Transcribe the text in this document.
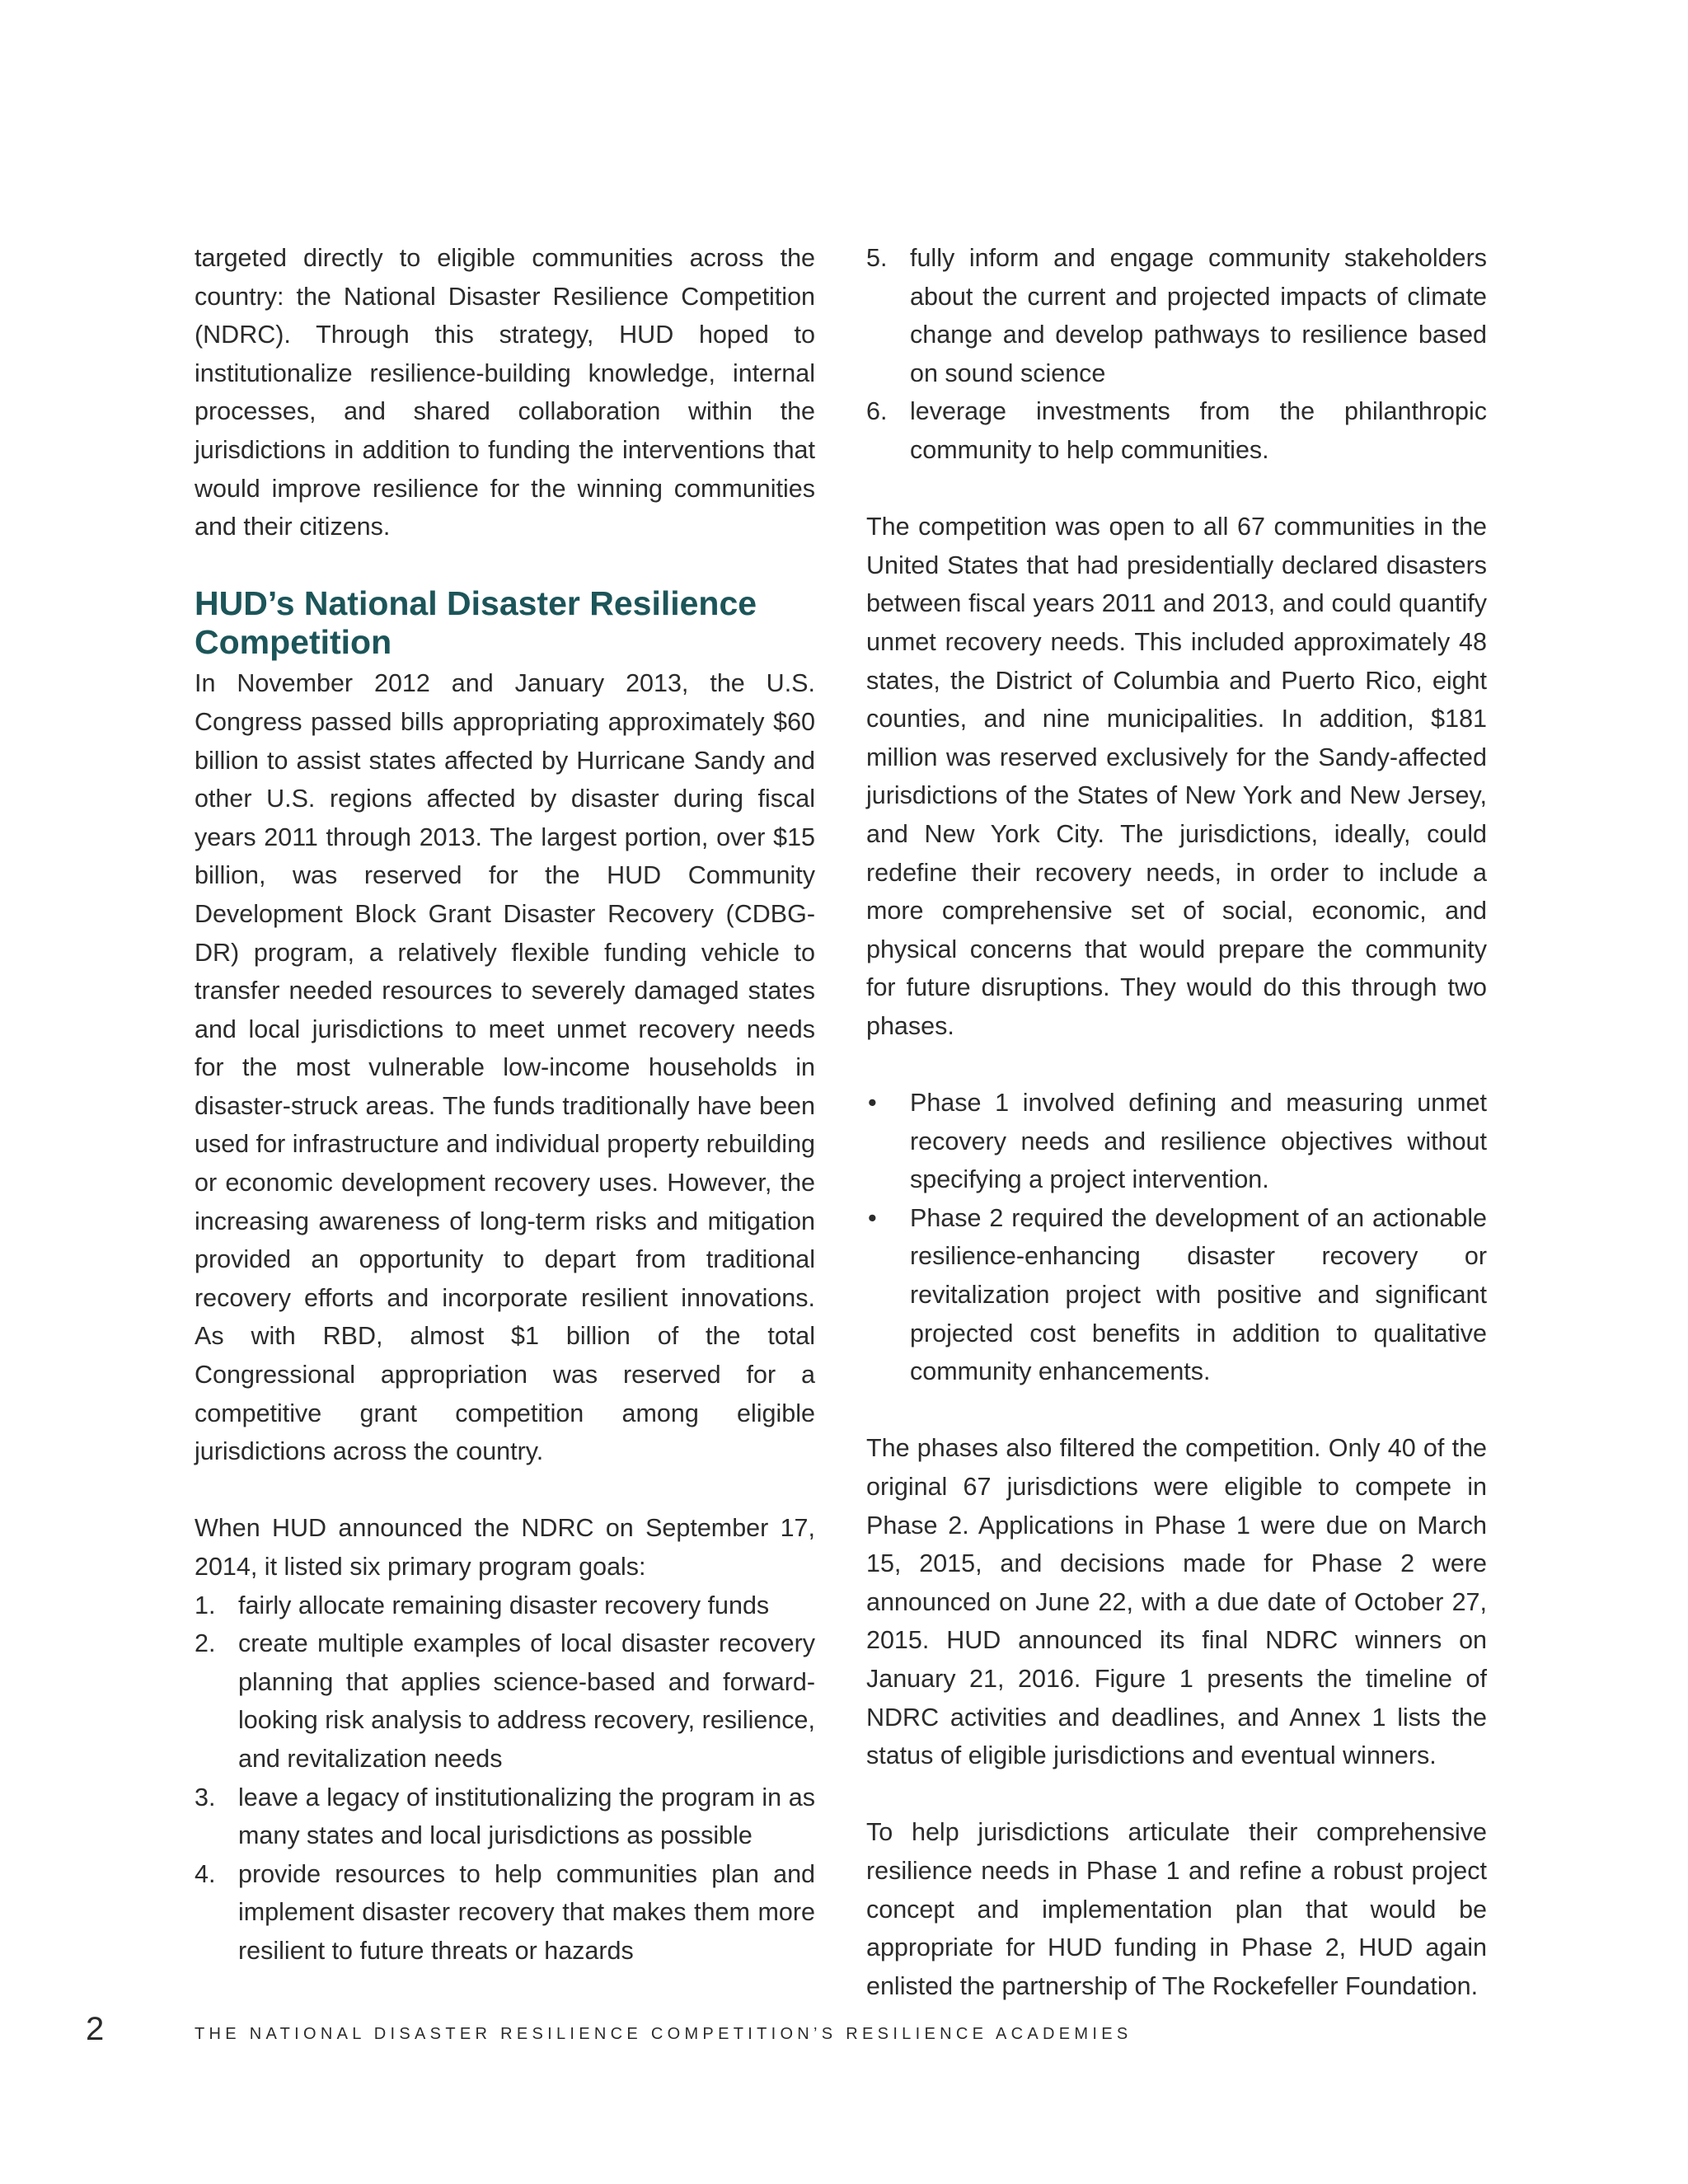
targeted directly to eligible communities across the country: the National Disaster Resilience Competition (NDRC). Through this strategy, HUD hoped to institutionalize resilience-building knowledge, internal processes, and shared collaboration within the jurisdictions in addition to funding the interventions that would improve resilience for the winning communities and their citizens.

HUD’s National Disaster Resilience Competition

In November 2012 and January 2013, the U.S. Congress passed bills appropriating approximately $60 billion to assist states affected by Hurricane Sandy and other U.S. regions affected by disaster during fiscal years 2011 through 2013. The largest portion, over $15 billion, was reserved for the HUD Community Development Block Grant Disaster Recovery (CDBG-DR) program, a relatively flexible funding vehicle to transfer needed resources to severely damaged states and local jurisdictions to meet unmet recovery needs for the most vulnerable low-income households in disaster-struck areas. The funds traditionally have been used for infrastructure and individual property rebuilding or economic development recovery uses. However, the increasing awareness of long-term risks and mitigation provided an opportunity to depart from traditional recovery efforts and incorporate resilient innovations. As with RBD, almost $1 billion of the total Congressional appropriation was reserved for a competitive grant competition among eligible jurisdictions across the country.

When HUD announced the NDRC on September 17, 2014, it listed six primary program goals:

1. fairly allocate remaining disaster recovery funds
2. create multiple examples of local disaster recovery planning that applies science-based and forward-looking risk analysis to address recovery, resilience, and revitalization needs
3. leave a legacy of institutionalizing the program in as many states and local jurisdictions as possible
4. provide resources to help communities plan and implement disaster recovery that makes them more resilient to future threats or hazards
5. fully inform and engage community stakeholders about the current and projected impacts of climate change and develop pathways to resilience based on sound science
6. leverage investments from the philanthropic community to help communities.

The competition was open to all 67 communities in the United States that had presidentially declared disasters between fiscal years 2011 and 2013, and could quantify unmet recovery needs. This included approximately 48 states, the District of Columbia and Puerto Rico, eight counties, and nine municipalities. In addition, $181 million was reserved exclusively for the Sandy-affected jurisdictions of the States of New York and New Jersey, and New York City. The jurisdictions, ideally, could redefine their recovery needs, in order to include a more comprehensive set of social, economic, and physical concerns that would prepare the community for future disruptions. They would do this through two phases.

• Phase 1 involved defining and measuring unmet recovery needs and resilience objectives without specifying a project intervention.
• Phase 2 required the development of an actionable resilience-enhancing disaster recovery or revitalization project with positive and significant projected cost benefits in addition to qualitative community enhancements.

The phases also filtered the competition. Only 40 of the original 67 jurisdictions were eligible to compete in Phase 2. Applications in Phase 1 were due on March 15, 2015, and decisions made for Phase 2 were announced on June 22, with a due date of October 27, 2015. HUD announced its final NDRC winners on January 21, 2016. Figure 1 presents the timeline of NDRC activities and deadlines, and Annex 1 lists the status of eligible jurisdictions and eventual winners.

To help jurisdictions articulate their comprehensive resilience needs in Phase 1 and refine a robust project concept and implementation plan that would be appropriate for HUD funding in Phase 2, HUD again enlisted the partnership of The Rockefeller Foundation.

2	THE NATIONAL DISASTER RESILIENCE COMPETITION’S RESILIENCE ACADEMIES
